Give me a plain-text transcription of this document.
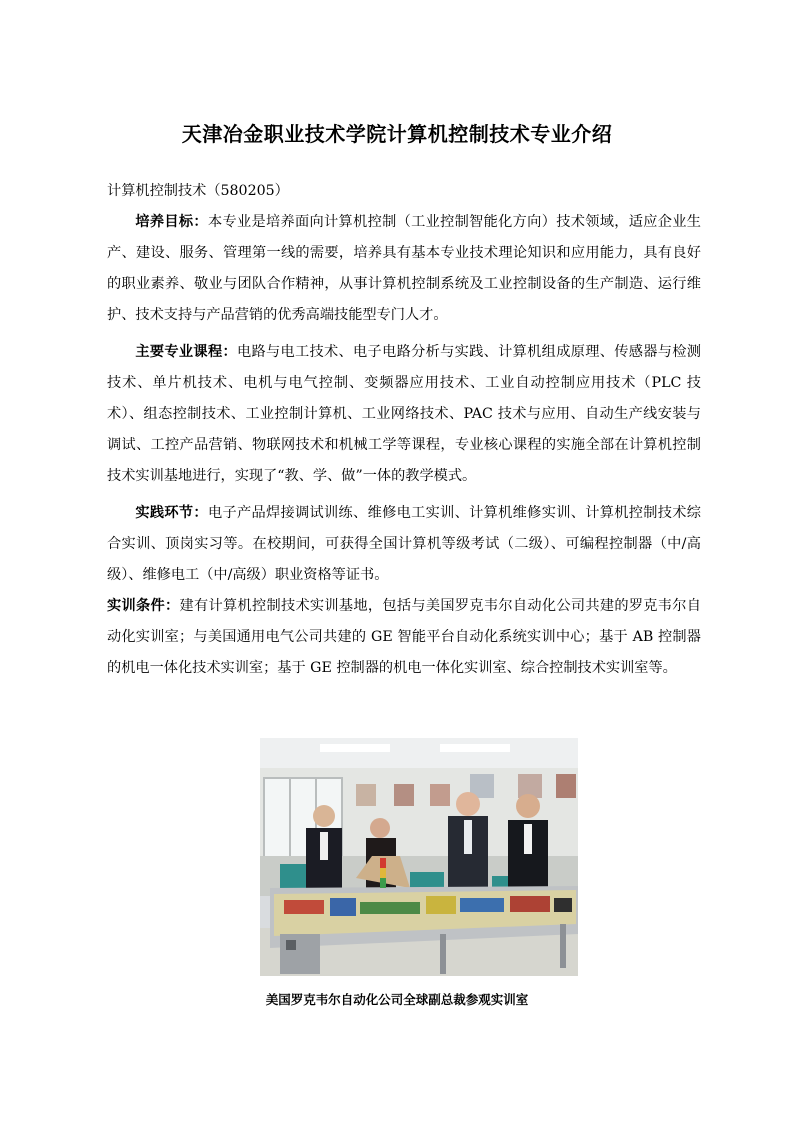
天津冶金职业技术学院计算机控制技术专业介绍

计算机控制技术（580205）

培养目标：本专业是培养面向计算机控制（工业控制智能化方向）技术领域，适应企业生产、建设、服务、管理第一线的需要，培养具有基本专业技术理论知识和应用能力，具有良好的职业素养、敬业与团队合作精神，从事计算机控制系统及工业控制设备的生产制造、运行维护、技术支持与产品营销的优秀高端技能型专门人才。

主要专业课程：电路与电工技术、电子电路分析与实践、计算机组成原理、传感器与检测技术、单片机技术、电机与电气控制、变频器应用技术、工业自动控制应用技术（PLC 技术）、组态控制技术、工业控制计算机、工业网络技术、PAC 技术与应用、自动生产线安装与调试、工控产品营销、物联网技术和机械工学等课程，专业核心课程的实施全部在计算机控制技术实训基地进行，实现了“教、学、做”一体的教学模式。

实践环节：电子产品焊接调试训练、维修电工实训、计算机维修实训、计算机控制技术综合实训、顶岗实习等。在校期间，可获得全国计算机等级考试（二级）、可编程控制器（中/高级）、维修电工（中/高级）职业资格等证书。

实训条件：建有计算机控制技术实训基地，包括与美国罗克韦尔自动化公司共建的罗克韦尔自动化实训室；与美国通用电气公司共建的 GE 智能平台自动化系统实训中心；基于 AB 控制器的机电一体化技术实训室；基于 GE 控制器的机电一体化实训室、综合控制技术实训室等。

美国罗克韦尔自动化公司全球副总裁参观实训室
